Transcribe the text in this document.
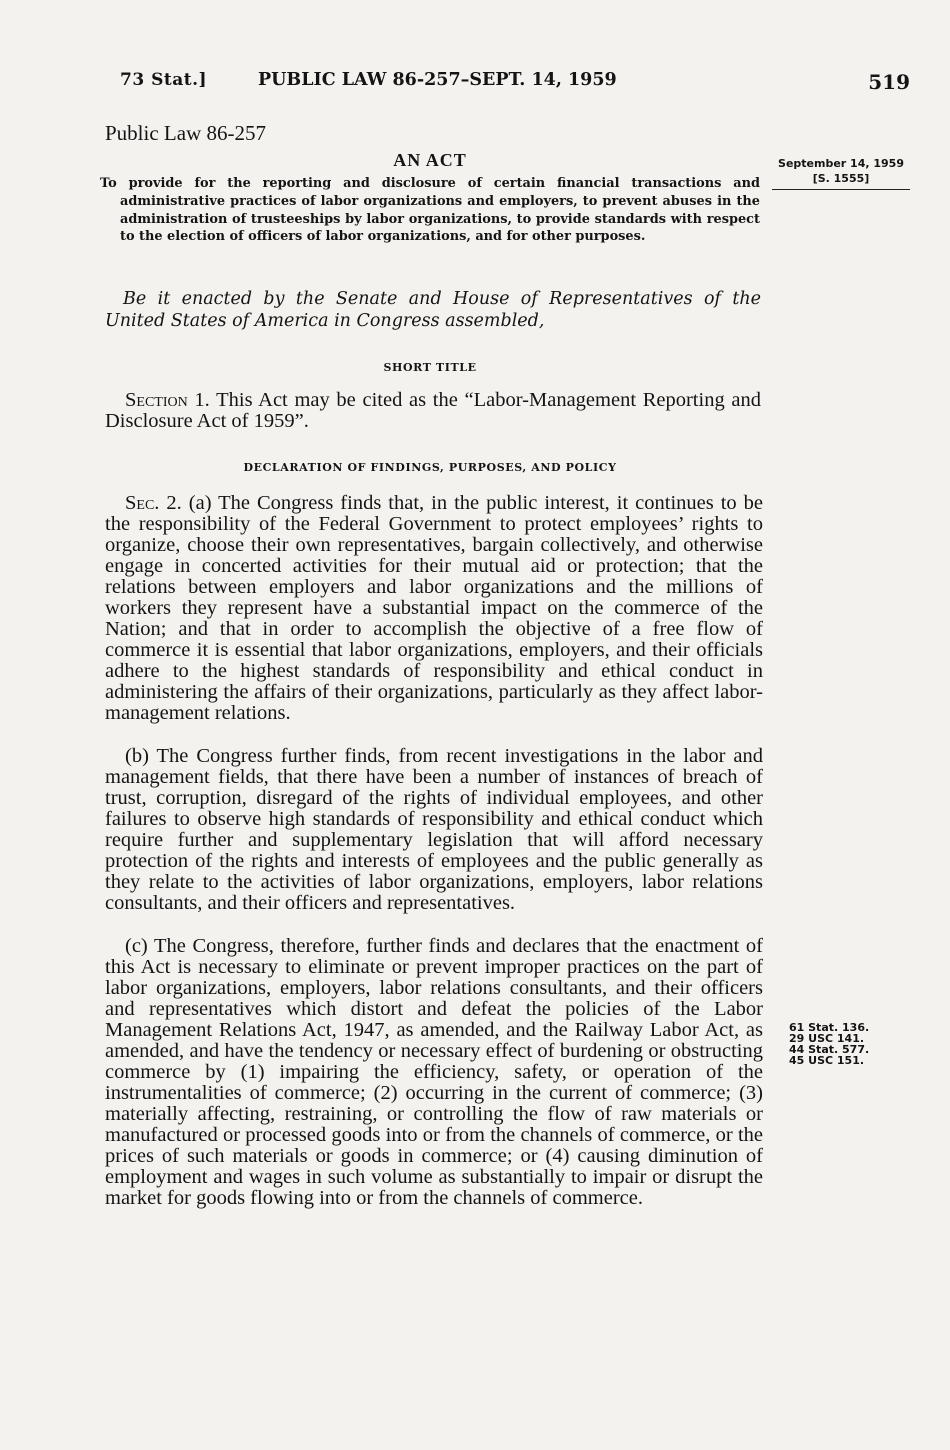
73 Stat.]	PUBLIC LAW 86-257–SEPT. 14, 1959	519
Public Law 86-257
AN ACT	September 14, 1959
[S. 1555]
To provide for the reporting and disclosure of certain financial transactions and administrative practices of labor organizations and employers, to prevent abuses in the administration of trusteeships by labor organizations, to provide standards with respect to the election of officers of labor organizations, and for other purposes.
Be it enacted by the Senate and House of Representatives of the United States of America in Congress assembled,
SHORT TITLE
Section 1. This Act may be cited as the “Labor-Management Reporting and Disclosure Act of 1959”.
DECLARATION OF FINDINGS, PURPOSES, AND POLICY

Sec. 2. (a) The Congress finds that, in the public interest, it continues to be the responsibility of the Federal Government to protect employees’ rights to organize, choose their own representatives, bargain collectively, and otherwise engage in concerted activities for their mutual aid or protection; that the relations between employers and labor organizations and the millions of workers they represent have a substantial impact on the commerce of the Nation; and that in order to accomplish the objective of a free flow of commerce it is essential that labor organizations, employers, and their officials adhere to the highest standards of responsibility and ethical conduct in administering the affairs of their organizations, particularly as they affect labor-management relations.

(b) The Congress further finds, from recent investigations in the labor and management fields, that there have been a number of instances of breach of trust, corruption, disregard of the rights of individual employees, and other failures to observe high standards of responsibility and ethical conduct which require further and supplementary legislation that will afford necessary protection of the rights and interests of employees and the public generally as they relate to the activities of labor organizations, employers, labor relations consultants, and their officers and representatives.

(c) The Congress, therefore, further finds and declares that the enactment of this Act is necessary to eliminate or prevent improper practices on the part of labor organizations, employers, labor relations consultants, and their officers and representatives which distort and defeat the policies of the Labor Management Relations Act, 1947, as amended, and the Railway Labor Act, as amended, and have the tendency or necessary effect of burdening or obstructing commerce by (1) impairing the efficiency, safety, or operation of the instrumentalities of commerce; (2) occurring in the current of commerce; (3) materially affecting, restraining, or controlling the flow of raw materials or manufactured or processed goods into or from the channels of commerce, or the prices of such materials or goods in commerce; or (4) causing diminution of employment and wages in such volume as substantially to impair or disrupt the market for goods flowing into or from the channels of commerce.

61 Stat. 136.
29 USC 141.
44 Stat. 577.
45 USC 151.
